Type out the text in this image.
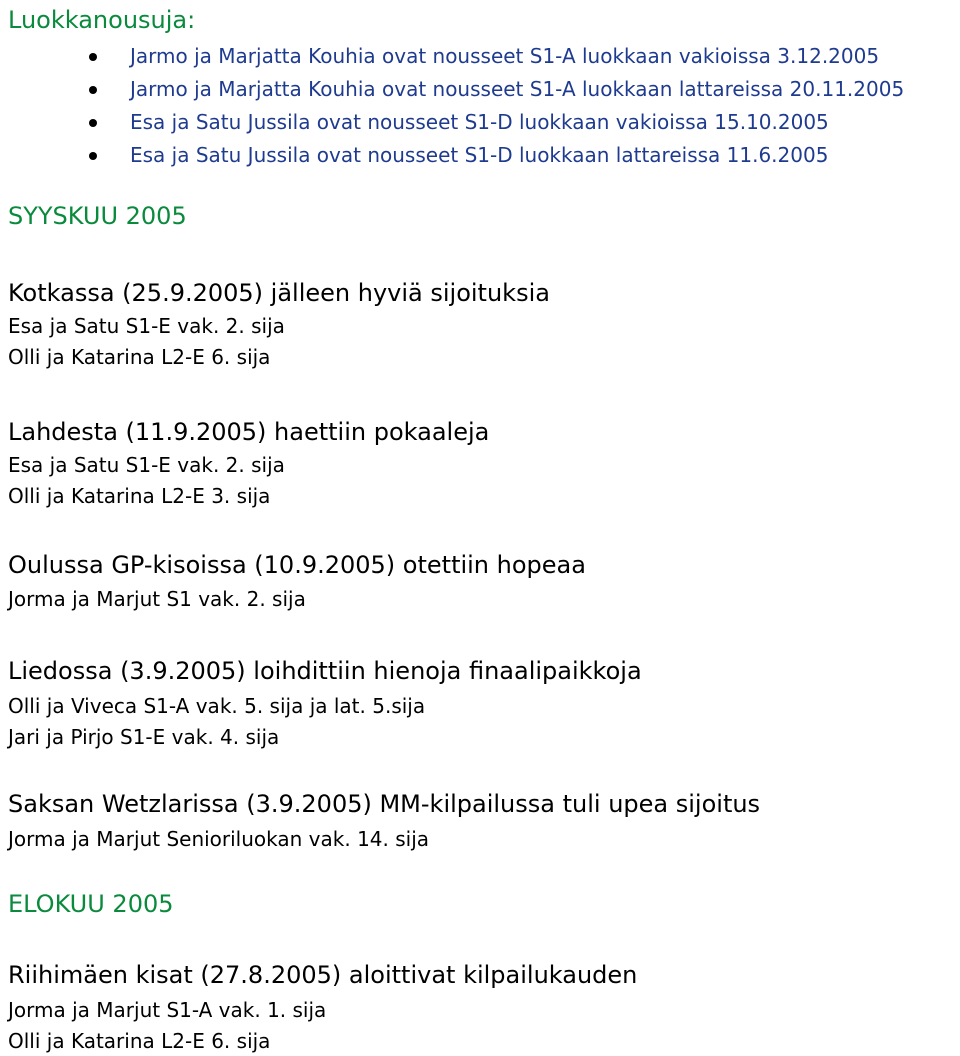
Luokkanousuja:
Jarmo ja Marjatta Kouhia ovat nousseet S1-A luokkaan vakioissa 3.12.2005
Jarmo ja Marjatta Kouhia ovat nousseet S1-A luokkaan lattareissa 20.11.2005
Esa ja Satu Jussila ovat nousseet S1-D luokkaan vakioissa 15.10.2005
Esa ja Satu Jussila ovat nousseet S1-D luokkaan lattareissa 11.6.2005
SYYSKUU 2005
Kotkassa (25.9.2005) jälleen hyviä sijoituksia
Esa ja Satu S1-E vak. 2. sija
Olli ja Katarina L2-E 6. sija
Lahdesta (11.9.2005) haettiin pokaaleja
Esa ja Satu S1-E vak. 2. sija
Olli ja Katarina L2-E 3. sija
Oulussa GP-kisoissa (10.9.2005) otettiin hopeaa
Jorma ja Marjut S1 vak. 2. sija
Liedossa (3.9.2005) loihdittiin hienoja finaalipaikkoja
Olli ja Viveca S1-A vak. 5. sija ja lat. 5.sija
Jari ja Pirjo S1-E vak. 4. sija
Saksan Wetzlarissa (3.9.2005) MM-kilpailussa tuli upea sijoitus
Jorma ja Marjut Senioriluokan vak. 14. sija
ELOKUU 2005
Riihimäen kisat (27.8.2005) aloittivat kilpailukauden
Jorma ja Marjut S1-A vak. 1. sija
Olli ja Katarina L2-E 6. sija
